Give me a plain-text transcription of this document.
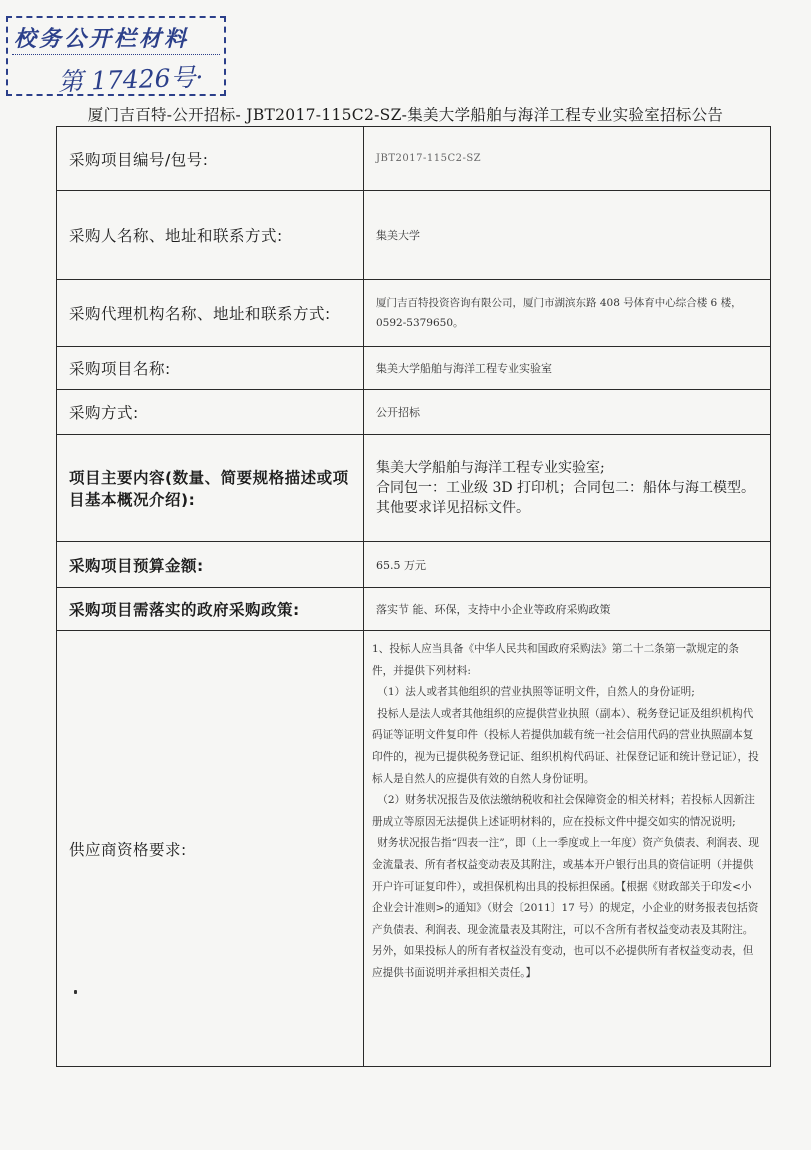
校务公开栏材料
第 17426号·
厦门吉百特-公开招标- JBT2017-115C2-SZ-集美大学船舶与海洋工程专业实验室招标公告
采购项目编号/包号:	JBT2017-115C2-SZ
采购人名称、地址和联系方式:	集美大学
采购代理机构名称、地址和联系方式:	厦门吉百特投资咨询有限公司，厦门市湖滨东路 408 号体育中心综合楼 6 楼，0592-5379650。
采购项目名称:	集美大学船舶与海洋工程专业实验室
采购方式:	公开招标
项目主要内容(数量、简要规格描述或项目基本概况介绍):	集美大学船舶与海洋工程专业实验室;
合同包一：工业级 3D 打印机；合同包二：船体与海工模型。
其他要求详见招标文件。

采购项目预算金额:	65.5 万元
采购项目需落实的政府采购政策:	落实节 能、环保，支持中小企业等政府采购政策
供应商资格要求:	1、投标人应当具备《中华人民共和国政府采购法》第二十二条第一款规定的条件，并提供下列材料:

（1）法人或者其他组织的营业执照等证明文件，自然人的身份证明;

投标人是法人或者其他组织的应提供营业执照（副本）、税务登记证及组织机构代码证等证明文件复印件（投标人若提供加载有统一社会信用代码的营业执照副本复印件的，视为已提供税务登记证、组织机构代码证、社保登记证和统计登记证），投标人是自然人的应提供有效的自然人身份证明。

（2）财务状况报告及依法缴纳税收和社会保障资金的相关材料；若投标人因新注册成立等原因无法提供上述证明材料的，应在投标文件中提交如实的情况说明;

财务状况报告指“四表一注”，即（上一季度或上一年度）资产负债表、利润表、现金流量表、所有者权益变动表及其附注，或基本开户银行出具的资信证明（并提供开户许可证复印件），或担保机构出具的投标担保函。【根据《财政部关于印发<小企业会计准则>的通知》（财会〔2011〕17 号）的规定，小企业的财务报表包括资产负债表、利润表、现金流量表及其附注，可以不含所有者权益变动表及其附注。另外，如果投标人的所有者权益没有变动，也可以不必提供所有者权益变动表，但应提供书面说明并承担相关责任。】
